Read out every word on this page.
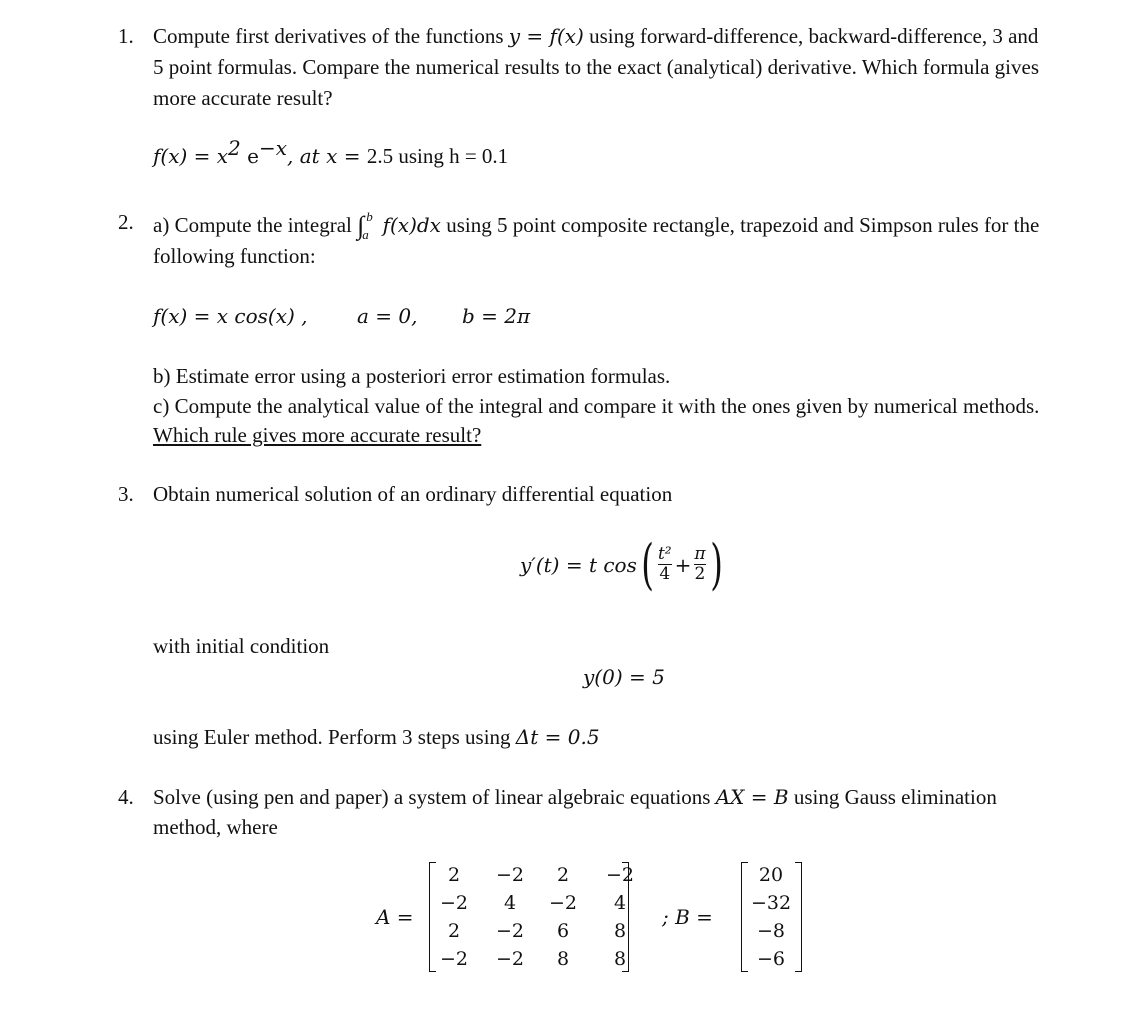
1. Compute first derivatives of the functions y = f(x) using forward-difference, backward-difference, 3 and
5 point formulas. Compare the numerical results to the exact (analytical) derivative. Which formula gives
more accurate result?
$f(x) = x^2$ $e^{-x}$, at x = 2.5 using h = 0.1
2. a) Compute the integral ∫ b
a f(x)dx using 5 point composite rectangle, trapezoid and Simpson rules for the
following function:
f(x) = x cos(x) , a = 0, b = 2π
b) Estimate error using a posteriori error estimation formulas.
c) Compute the analytical value of the integral and compare it with the ones given by numerical methods.
Which rule gives more accurate result?
3. Obtain numerical solution of an ordinary differential equation
y′(t) = t $\cos( \frac{\text{t²}}{4} + \frac{\pi}{2}$ )
with initial condition
y(0) = 5
using Euler method. Perform 3 steps using Δt = 0.5
4. Solve (using pen and paper) a system of linear algebraic equations AX = B using Gauss elimination
method, where
A =
2	−2	2	−2
−2	4	−2	4
2	−2	6	8
−2	−2	8	8
; B =
20
−32
−8
−6
